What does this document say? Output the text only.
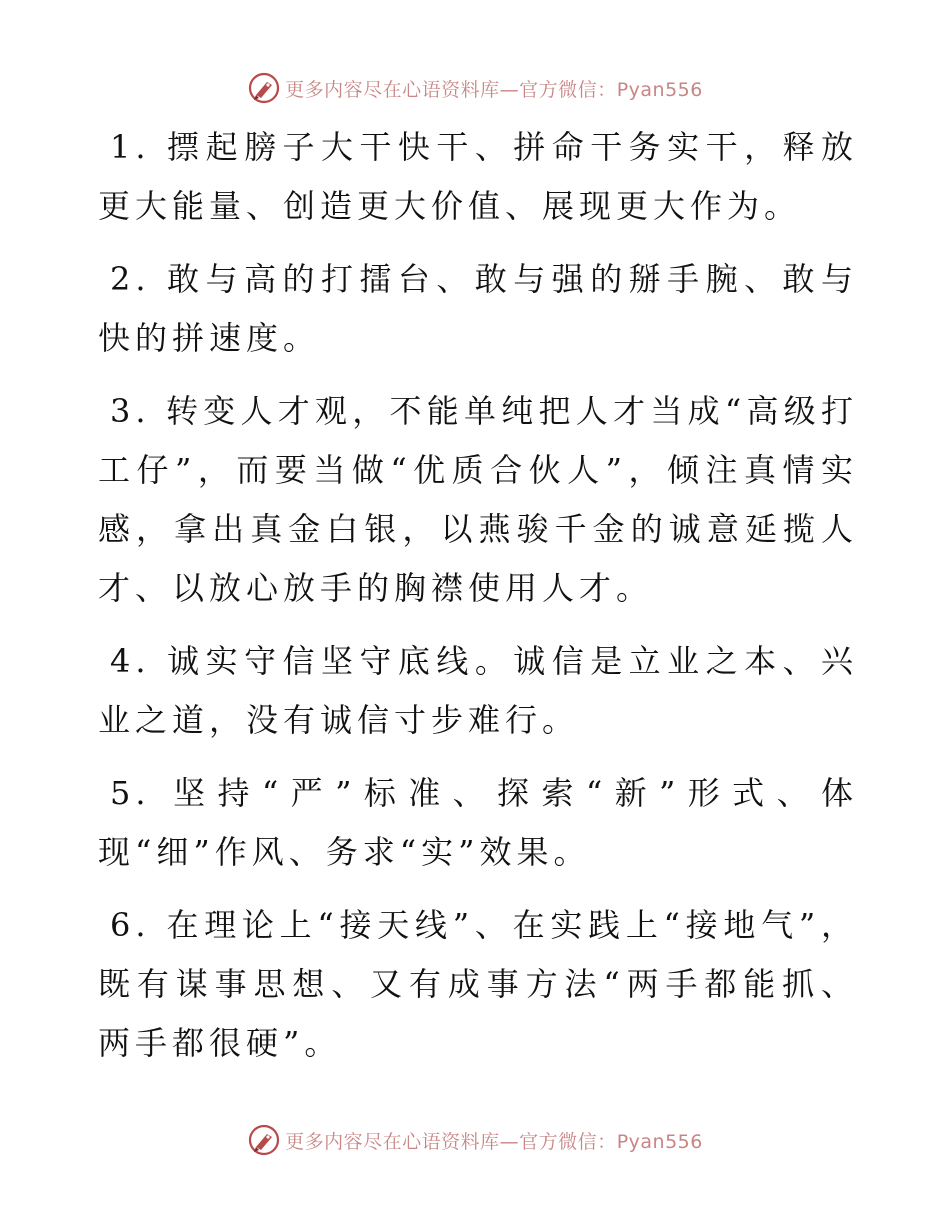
更多内容尽在心语资料库—官方微信：Pyan556

1. 摽起膀子大干快干、拼命干务实干，释放更大能量、创造更大价值、展现更大作为。

2. 敢与高的打擂台、敢与强的掰手腕、敢与快的拼速度。

3. 转变人才观，不能单纯把人才当成“高级打工仔”，而要当做“优质合伙人”，倾注真情实感，拿出真金白银，以燕骏千金的诚意延揽人才、以放心放手的胸襟使用人才。

4. 诚实守信坚守底线。诚信是立业之本、兴业之道，没有诚信寸步难行。

5. 坚持“严”标准、探索“新”形式、体现“细”作风、务求“实”效果。

6. 在理论上“接天线”、在实践上“接地气”，既有谋事思想、又有成事方法“两手都能抓、两手都很硬”。

更多内容尽在心语资料库—官方微信：Pyan556
